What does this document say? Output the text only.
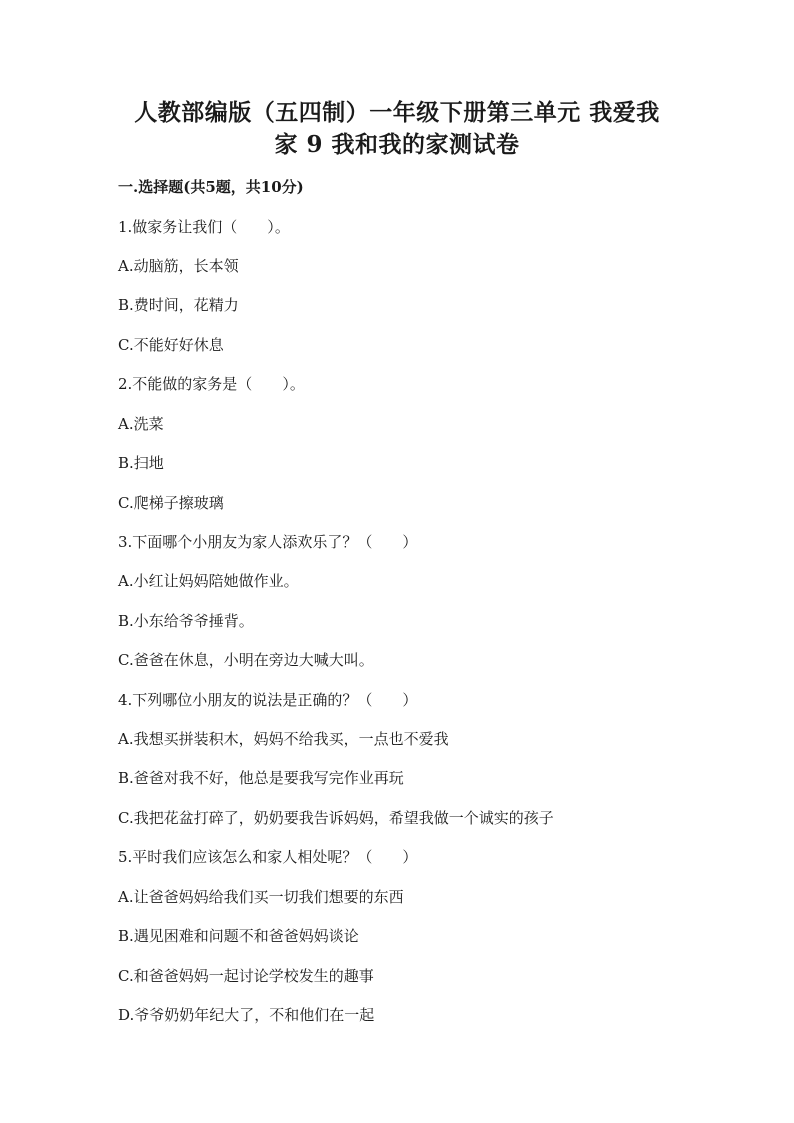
人教部编版（五四制）一年级下册第三单元 我爱我
家 9 我和我的家测试卷
一.选择题(共5题，共10分)
1.做家务让我们（　　）。
A.动脑筋，长本领
B.费时间，花精力
C.不能好好休息
2.不能做的家务是（　　）。
A.洗菜
B.扫地
C.爬梯子擦玻璃
3.下面哪个小朋友为家人添欢乐了？（　　）
A.小红让妈妈陪她做作业。
B.小东给爷爷捶背。
C.爸爸在休息，小明在旁边大喊大叫。
4.下列哪位小朋友的说法是正确的？（　　）
A.我想买拼装积木，妈妈不给我买，一点也不爱我
B.爸爸对我不好，他总是要我写完作业再玩
C.我把花盆打碎了，奶奶要我告诉妈妈，希望我做一个诚实的孩子
5.平时我们应该怎么和家人相处呢？（　　）
A.让爸爸妈妈给我们买一切我们想要的东西
B.遇见困难和问题不和爸爸妈妈谈论
C.和爸爸妈妈一起讨论学校发生的趣事
D.爷爷奶奶年纪大了，不和他们在一起
